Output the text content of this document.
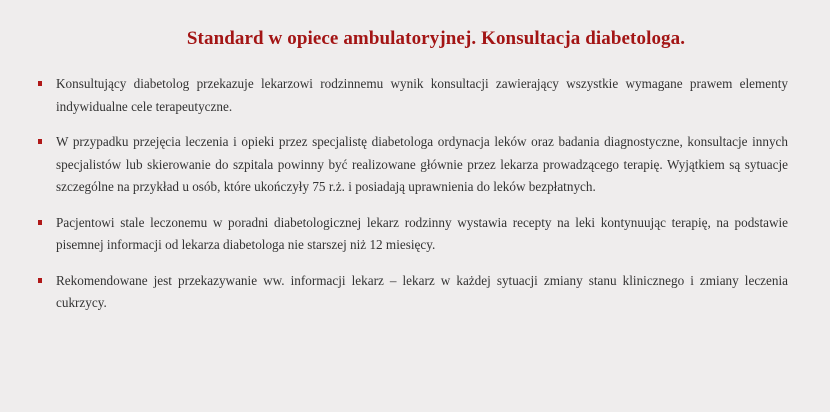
Standard w opiece ambulatoryjnej. Konsultacja diabetologa.
Konsultujący diabetolog przekazuje lekarzowi rodzinnemu wynik konsultacji zawierający wszystkie wymagane prawem elementy indywidualne cele terapeutyczne.
W przypadku przejęcia leczenia i opieki przez specjalistę diabetologa ordynacja leków oraz badania diagnostyczne, konsultacje innych specjalistów lub skierowanie do szpitala powinny być realizowane głównie przez lekarza prowadzącego terapię. Wyjątkiem są sytuacje szczególne na przykład u osób, które ukończyły 75 r.ż. i posiadają uprawnienia do leków bezpłatnych.
Pacjentowi stale leczonemu w poradni diabetologicznej lekarz rodzinny wystawia recepty na leki kontynuując terapię, na podstawie pisemnej informacji od lekarza diabetologa nie starszej niż 12 miesięcy.
Rekomendowane jest przekazywanie ww. informacji lekarz – lekarz w każdej sytuacji zmiany stanu klinicznego i zmiany leczenia cukrzycy.
